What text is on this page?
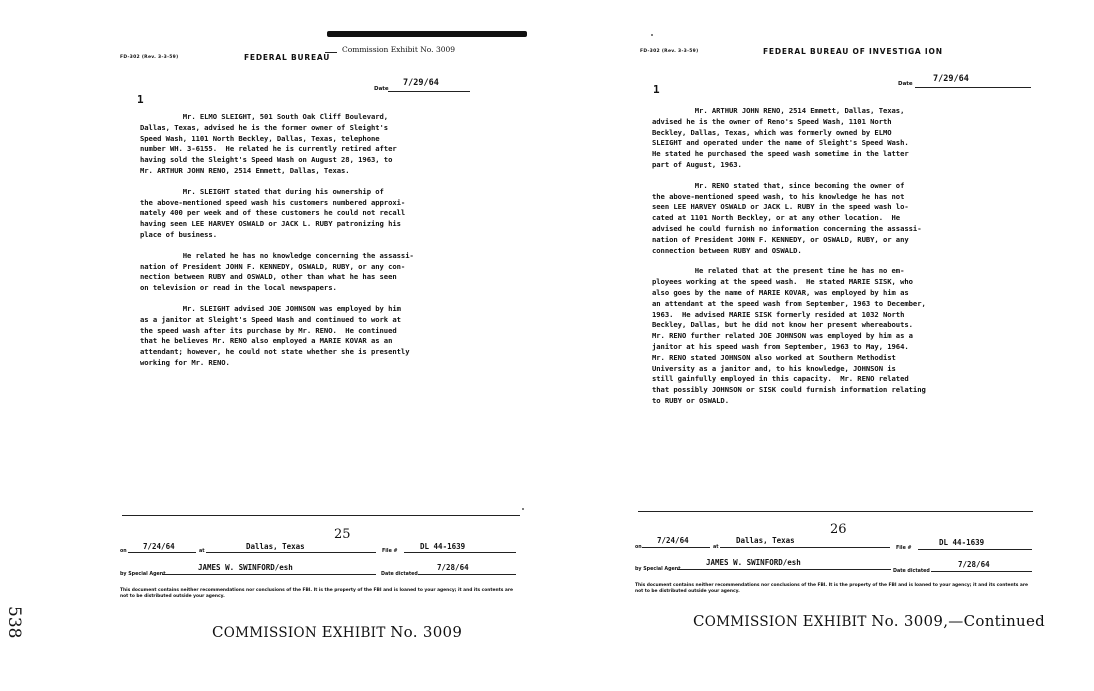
538
FD-302 (Rev. 3-3-59)	FEDERAL BUREAU
Commission Exhibit No. 3009
Date
7/29/64
1

Mr. ELMO SLEIGHT, 501 South Oak Cliff Boulevard,
Dallas, Texas, advised he is the former owner of Sleight's
Speed Wash, 1101 North Beckley, Dallas, Texas, telephone
number WH. 3-6155.  He related he is currently retired after
having sold the Sleight's Speed Wash on August 28, 1963, to
Mr. ARTHUR JOHN RENO, 2514 Emmett, Dallas, Texas.

Mr. SLEIGHT stated that during his ownership of
the above-mentioned speed wash his customers numbered approxi-
mately 400 per week and of these customers he could not recall
having seen LEE HARVEY OSWALD or JACK L. RUBY patronizing his
place of business.

He related he has no knowledge concerning the assassi-
nation of President JOHN F. KENNEDY, OSWALD, RUBY, or any con-
nection between RUBY and OSWALD, other than what he has seen
on television or read in the local newspapers.

Mr. SLEIGHT advised JOE JOHNSON was employed by him
as a janitor at Sleight's Speed Wash and continued to work at
the speed wash after its purchase by Mr. RENO.  He continued
that he believes Mr. RENO also employed a MARIE KOVAR as an
attendant; however, he could not state whether she is presently
working for Mr. RENO.

25
on
7/24/64
at
Dallas, Texas
File #
DL 44-1639
by Special Agent
JAMES W. SWINFORD/esh
Date dictated
7/28/64
This document contains neither recommendations nor conclusions of the FBI. It is the property of the FBI and is loaned to your agency; it and its contents are not to be distributed outside your agency.
COMMISSION EXHIBIT No. 3009
FD-302 (Rev. 3-3-59)	FEDERAL BUREAU OF INVESTIGA ION
Date 7/29/64
1

Mr. ARTHUR JOHN RENO, 2514 Emmett, Dallas, Texas,
advised he is the owner of Reno's Speed Wash, 1101 North
Beckley, Dallas, Texas, which was formerly owned by ELMO
SLEIGHT and operated under the name of Sleight's Speed Wash.
He stated he purchased the speed wash sometime in the latter
part of August, 1963.

Mr. RENO stated that, since becoming the owner of
the above-mentioned speed wash, to his knowledge he has not
seen LEE HARVEY OSWALD or JACK L. RUBY in the speed wash lo-
cated at 1101 North Beckley, or at any other location.  He
advised he could furnish no information concerning the assassi-
nation of President JOHN F. KENNEDY, or OSWALD, RUBY, or any
connection between RUBY and OSWALD.

He related that at the present time he has no em-
ployees working at the speed wash.  He stated MARIE SISK, who
also goes by the name of MARIE KOVAR, was employed by him as
an attendant at the speed wash from September, 1963 to December,
1963.  He advised MARIE SISK formerly resided at 1032 North
Beckley, Dallas, but he did not know her present whereabouts.
Mr. RENO further related JOE JOHNSON was employed by him as a
janitor at his speed wash from September, 1963 to May, 1964.
Mr. RENO stated JOHNSON also worked at Southern Methodist
University as a janitor and, to his knowledge, JOHNSON is
still gainfully employed in this capacity.  Mr. RENO related
that possibly JOHNSON or SISK could furnish information relating
to RUBY or OSWALD.

26
on
7/24/64
at
Dallas, Texas
File #
DL 44-1639
by Special Agent
JAMES W. SWINFORD/esh
Date dictated
7/28/64
This document contains neither recommendations nor conclusions of the FBI. It is the property of the FBI and is loaned to your agency; it and its contents are not to be distributed outside your agency.
COMMISSION EXHIBIT No. 3009,—Continued
